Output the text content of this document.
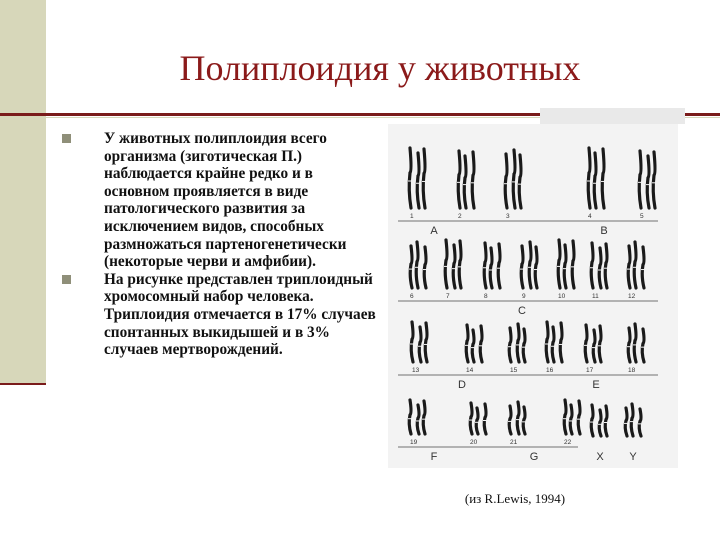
Полиплоидия у животных
У животных полиплоидия всего организма (зиготическая П.) наблюдается крайне редко и в основном проявляется в виде патологического развития за исключением видов, способных размножаться партеногенетически (некоторые черви и амфибии).
На рисунке представлен триплоидный хромосомный набор человека. Триплоидия отмечается в 17% случаев спонтанных выкидышей и в 3% случаев мертворождений.
1	2	3	4	5
A	B
6	7	8	9	10	11	12
C
13	14	15	16	17	18
D	E
19	20	21	22
F	G	X Y
(из R.Lewis, 1994)
